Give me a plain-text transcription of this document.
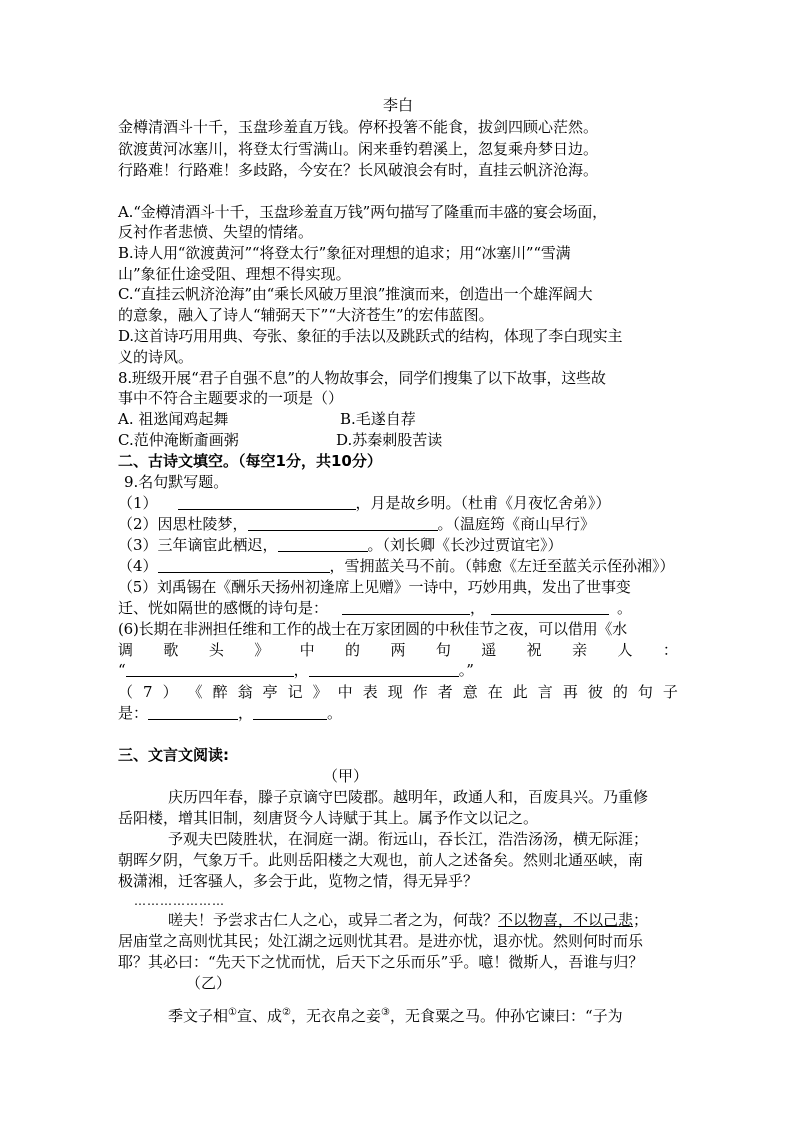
李白
金樽清酒斗十千，玉盘珍羞直万钱。停杯投箸不能食，拔剑四顾心茫然。
欲渡黄河冰塞川，将登太行雪满山。闲来垂钓碧溪上，忽复乘舟梦日边。
行路难！行路难！多歧路，今安在？长风破浪会有时，直挂云帆济沧海。
A.“金樽清酒斗十千，玉盘珍羞直万钱”两句描写了隆重而丰盛的宴会场面，
反衬作者悲愤、失望的情绪。
B.诗人用“欲渡黄河”“将登太行”象征对理想的追求；用“冰塞川”“雪满
山”象征仕途受阻、理想不得实现。
C.“直挂云帆济沧海”由“乘长风破万里浪”推演而来，创造出一个雄浑阔大
的意象，融入了诗人“辅弼天下”“大济苍生”的宏伟蓝图。
D.这首诗巧用用典、夸张、象征的手法以及跳跃式的结构，体现了李白现实主
义的诗风。
8.班级开展“君子自强不息”的人物故事会，同学们搜集了以下故事，这些故
事中不符合主题要求的一项是（）
A. 祖逖闻鸡起舞	B.毛遂自荐
C.范仲淹断齑画粥	D.苏秦刺股苦读
二、古诗文填空。（每空1分，共10分）
9.名句默写题。
（1）	，月是故乡明。（杜甫《月夜忆舍弟》）
（2）因思杜陵梦，	。（温庭筠《商山早行》
（3）三年谪宦此栖迟，	。（刘长卿《长沙过贾谊宅》）
（4）	，雪拥蓝关马不前。（韩愈《左迁至蓝关示侄孙湘》）
（5）刘禹锡在《酬乐天扬州初逢席上见赠》一诗中，巧妙用典，发出了世事变
迁、恍如隔世的感慨的诗句是：	，	。
(6)长期在非洲担任维和工作的战士在万家团圆的中秋佳节之夜，可以借用《水
调 歌 头 》 中 的 两 句 遥 祝 亲 人 ：
“	，	。”
（ 7 ） 《 醉 翁 亭 记 》 中 表 现 作 者 意 在 此 言 再 彼 的 句 子
是：	，	。
三、文言文阅读:
（甲）
庆历四年春，滕子京谪守巴陵郡。越明年，政通人和，百废具兴。乃重修
岳阳楼，增其旧制，刻唐贤今人诗赋于其上。属予作文以记之。
予观夫巴陵胜状，在洞庭一湖。衔远山，吞长江，浩浩汤汤，横无际涯；
朝晖夕阴，气象万千。此则岳阳楼之大观也，前人之述备矣。然则北通巫峡，南
极潇湘，迁客骚人，多会于此，览物之情，得无异乎？
…………………
嗟夫！予尝求古仁人之心，或异二者之为，何哉？不以物喜，不以己悲；
居庙堂之高则忧其民；处江湖之远则忧其君。是进亦忧，退亦忧。然则何时而乐
耶？其必曰：“先天下之忧而忧，后天下之乐而乐”乎。噫！微斯人，吾谁与归？
（乙）
季文子相①宣、成②，无衣帛之妾③，无食粟之马。仲孙它谏曰：“子为
